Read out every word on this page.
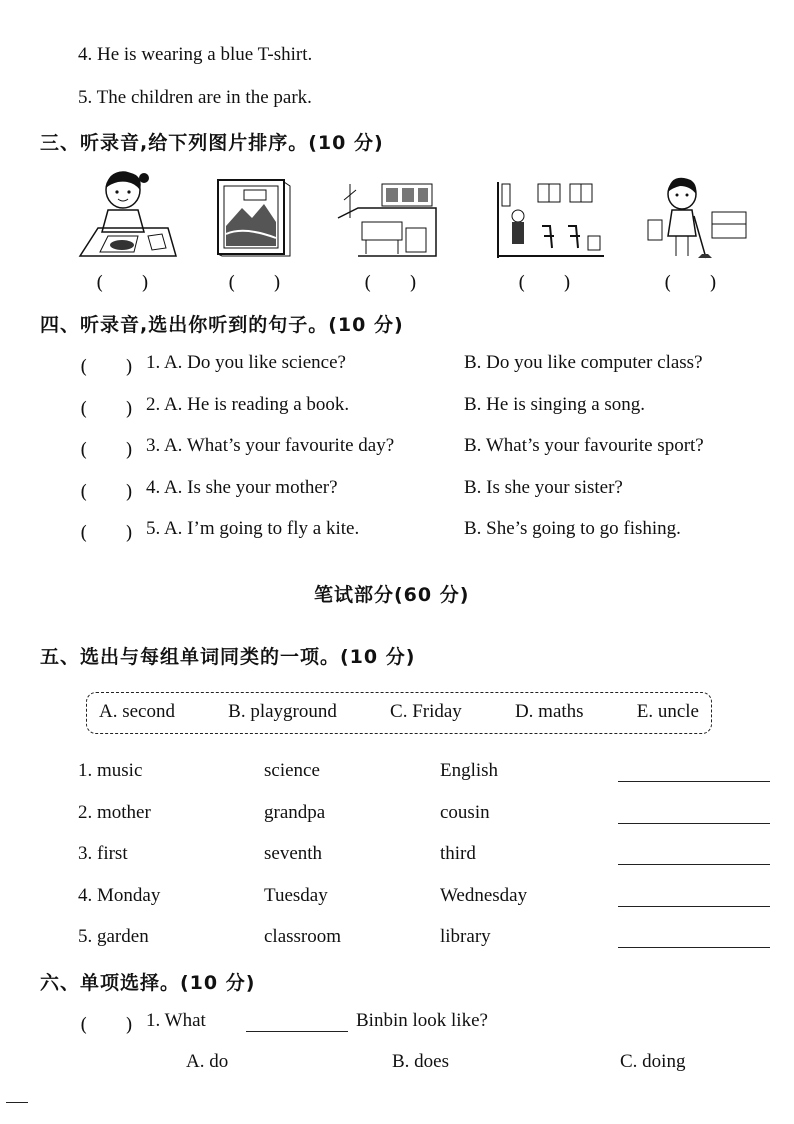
4. He is wearing a blue T-shirt.
5. The children are in the park.
三、听录音,给下列图片排序。(10 分)
(　　)	(　　)	(　　)	(　　)	(　　)
四、听录音,选出你听到的句子。(10 分)
(　　) 1. A. Do you like science?	B. Do you like computer class?
(　　) 2. A. He is reading a book.	B. He is singing a song.
(　　) 3. A. What’s your favourite day?	B. What’s your favourite sport?
(　　) 4. A. Is she your mother?	B. Is she your sister?
(　　) 5. A. I’m going to fly a kite.	B. She’s going to go fishing.
笔试部分(60 分)
五、选出与每组单词同类的一项。(10 分)
A. second	B. playground	C. Friday	D. maths	E. uncle
1. music	science	English
2. mother	grandpa	cousin
3. first	seventh	third
4. Monday	Tuesday	Wednesday
5. garden	classroom	library
六、单项选择。(10 分)
(　　) 1. What	Binbin look like?
A. do	B. does	C. doing
